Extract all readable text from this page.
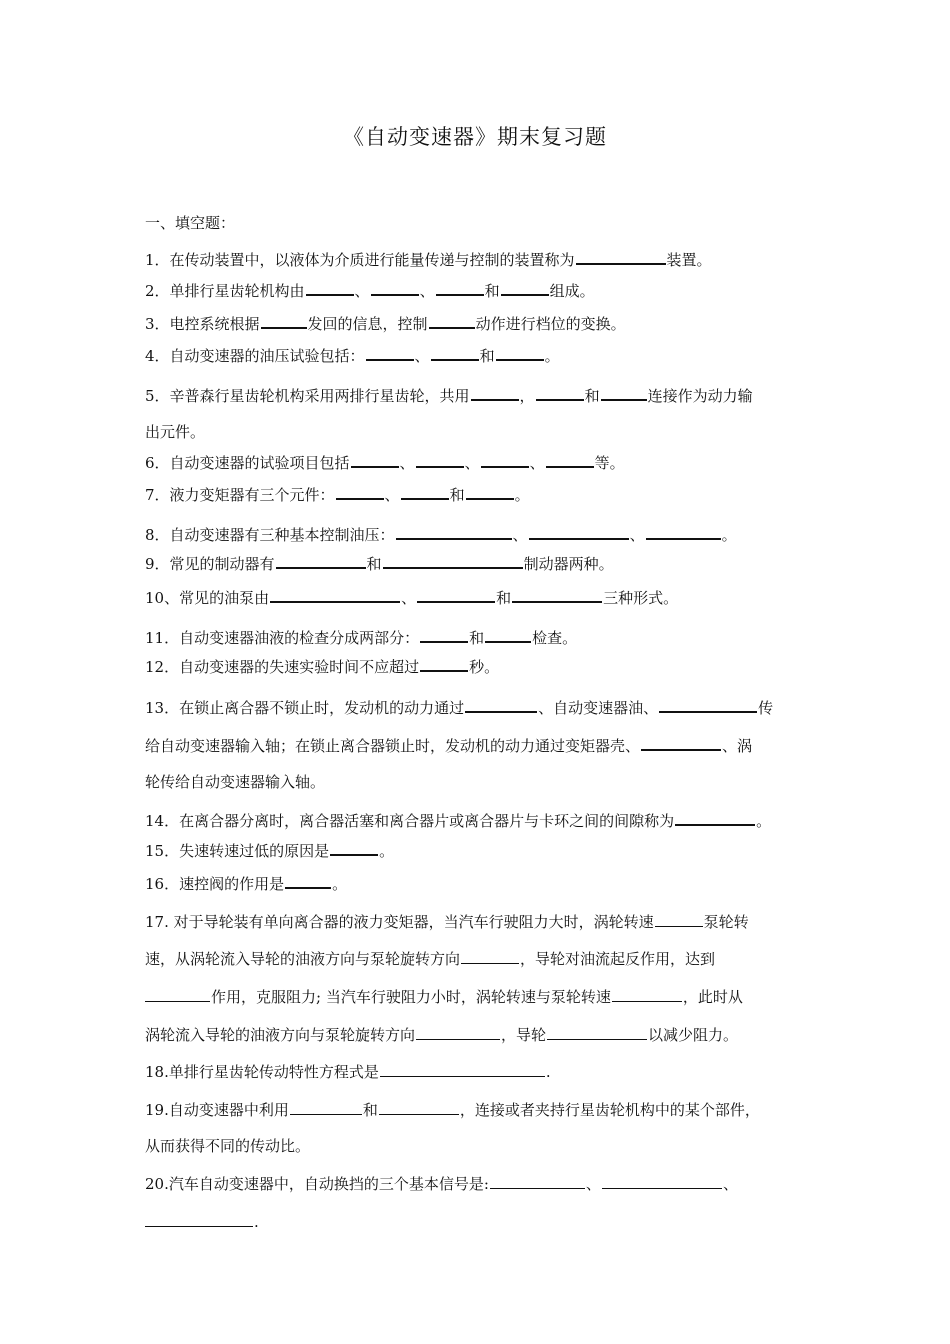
《自动变速器》期末复习题
一、填空题：
1．在传动装置中，以液体为介质进行能量传递与控制的装置称为	装置。
2．单排行星齿轮机构由	、	、	和	组成。
3．电控系统根据	发回的信息，控制	动作进行档位的变换。
4．自动变速器的油压试验包括：	、	和	。
5．辛普森行星齿轮机构采用两排行星齿轮，共用	，	和	连接作为动力输
出元件。
6．自动变速器的试验项目包括	、	、	、	等。
7．液力变矩器有三个元件：	、	和	。
8．自动变速器有三种基本控制油压：	、	、	。
9．常见的制动器有	和	制动器两种。
10、常见的油泵由	、	和	三种形式。
11．自动变速器油液的检查分成两部分：	和	检查。
12．自动变速器的失速实验时间不应超过	秒。
13．在锁止离合器不锁止时，发动机的动力通过	、自动变速器油、	传
给自动变速器输入轴；在锁止离合器锁止时，发动机的动力通过变矩器壳、	、涡
轮传给自动变速器输入轴。
14．在离合器分离时，离合器活塞和离合器片或离合器片与卡环之间的间隙称为	。
15．失速转速过低的原因是	。
16．速控阀的作用是	。
17. 对于导轮装有单向离合器的液力变矩器，当汽车行驶阻力大时，涡轮转速	泵轮转
速，从涡轮流入导轮的油液方向与泵轮旋转方向	，导轮对油流起反作用，达到
作用，克服阻力; 当汽车行驶阻力小时，涡轮转速与泵轮转速	，此时从
涡轮流入导轮的油液方向与泵轮旋转方向	，导轮	以减少阻力。
18.单排行星齿轮传动特性方程式是	.
19.自动变速器中利用	和	，连接或者夹持行星齿轮机构中的某个部件，
从而获得不同的传动比。
20.汽车自动变速器中，自动换挡的三个基本信号是:	、	、
.
